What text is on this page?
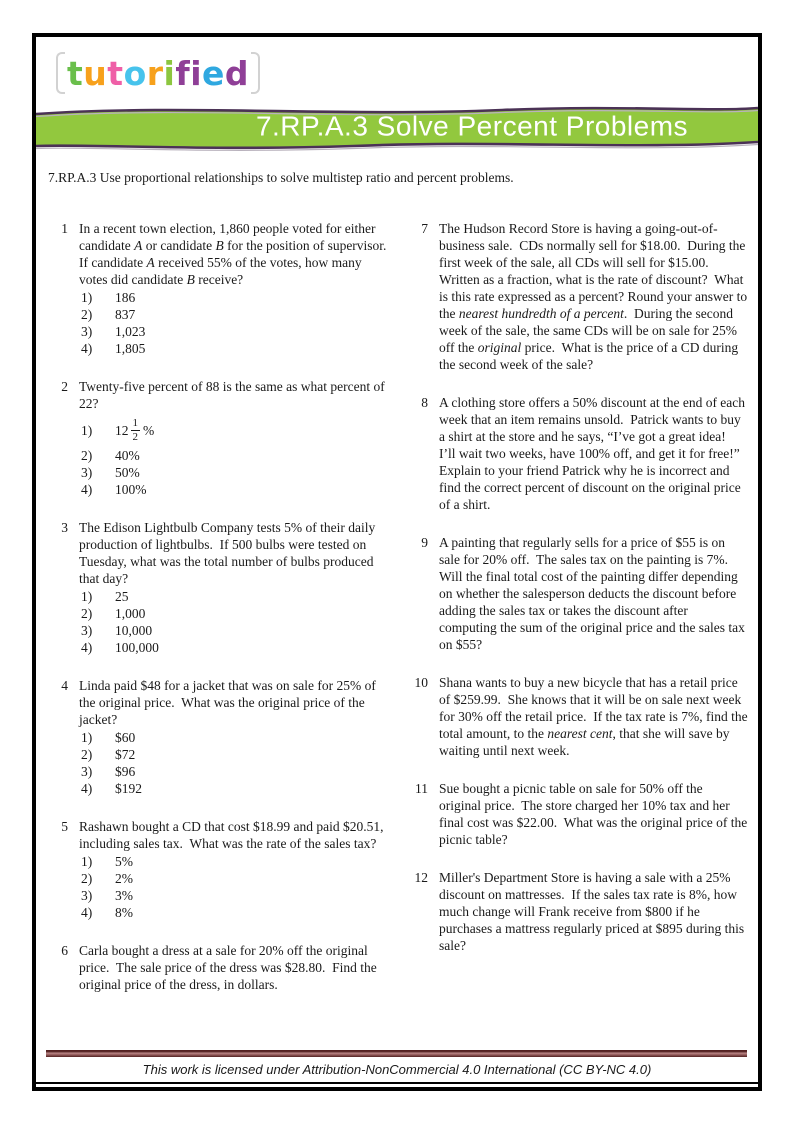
tutorified
7.RP.A.3 Solve Percent Problems
7.RP.A.3 Use proportional relationships to solve multistep ratio and percent problems.
1 In a recent town election, 1,860 people voted for either candidate A or candidate B for the position of supervisor.  If candidate A received 55% of the votes, how many votes did candidate B receive?
1)	186
2)	837
3)	1,023
4)	1,805
2 Twenty-five percent of 88 is the same as what percent of 22?
1)	$12 \frac{1}{2}$ %
2)	40%
3)	50%
4)	100%
3 The Edison Lightbulb Company tests 5% of their daily production of lightbulbs.  If 500 bulbs were tested on Tuesday, what was the total number of bulbs produced that day?
1)	25
2)	1,000
3)	10,000
4)	100,000
4 Linda paid $48 for a jacket that was on sale for 25% of the original price.  What was the original price of the jacket?
1)	$60
2)	$72
3)	$96
4)	$192
5 Rashawn bought a CD that cost $18.99 and paid $20.51, including sales tax.  What was the rate of the sales tax?
1)	5%
2)	2%
3)	3%
4)	8%
6 Carla bought a dress at a sale for 20% off the original price.  The sale price of the dress was $28.80.  Find the original price of the dress, in dollars.
7 The Hudson Record Store is having a going-out-of-business sale.  CDs normally sell for $18.00.  During the first week of the sale, all CDs will sell for $15.00.  Written as a fraction, what is the rate of discount?  What is this rate expressed as a percent? Round your answer to the nearest hundredth of a percent.  During the second week of the sale, the same CDs will be on sale for 25% off the original price.  What is the price of a CD during the second week of the sale?
8 A clothing store offers a 50% discount at the end of each week that an item remains unsold.  Patrick wants to buy a shirt at the store and he says, “I’ve got a great idea!  I’ll wait two weeks, have 100% off, and get it for free!”  Explain to your friend Patrick why he is incorrect and find the correct percent of discount on the original price of a shirt.
9 A painting that regularly sells for a price of $55 is on sale for 20% off.  The sales tax on the painting is 7%.  Will the final total cost of the painting differ depending on whether the salesperson deducts the discount before adding the sales tax or takes the discount after computing the sum of the original price and the sales tax on $55?
10 Shana wants to buy a new bicycle that has a retail price of $259.99.  She knows that it will be on sale next week for 30% off the retail price.  If the tax rate is 7%, find the total amount, to the nearest cent, that she will save by waiting until next week.
11 Sue bought a picnic table on sale for 50% off the original price.  The store charged her 10% tax and her final cost was $22.00.  What was the original price of the picnic table?
12 Miller's Department Store is having a sale with a 25% discount on mattresses.  If the sales tax rate is 8%, how much change will Frank receive from $800 if he purchases a mattress regularly priced at $895 during this sale?
This work is licensed under Attribution-NonCommercial 4.0 International (CC BY-NC 4.0)
